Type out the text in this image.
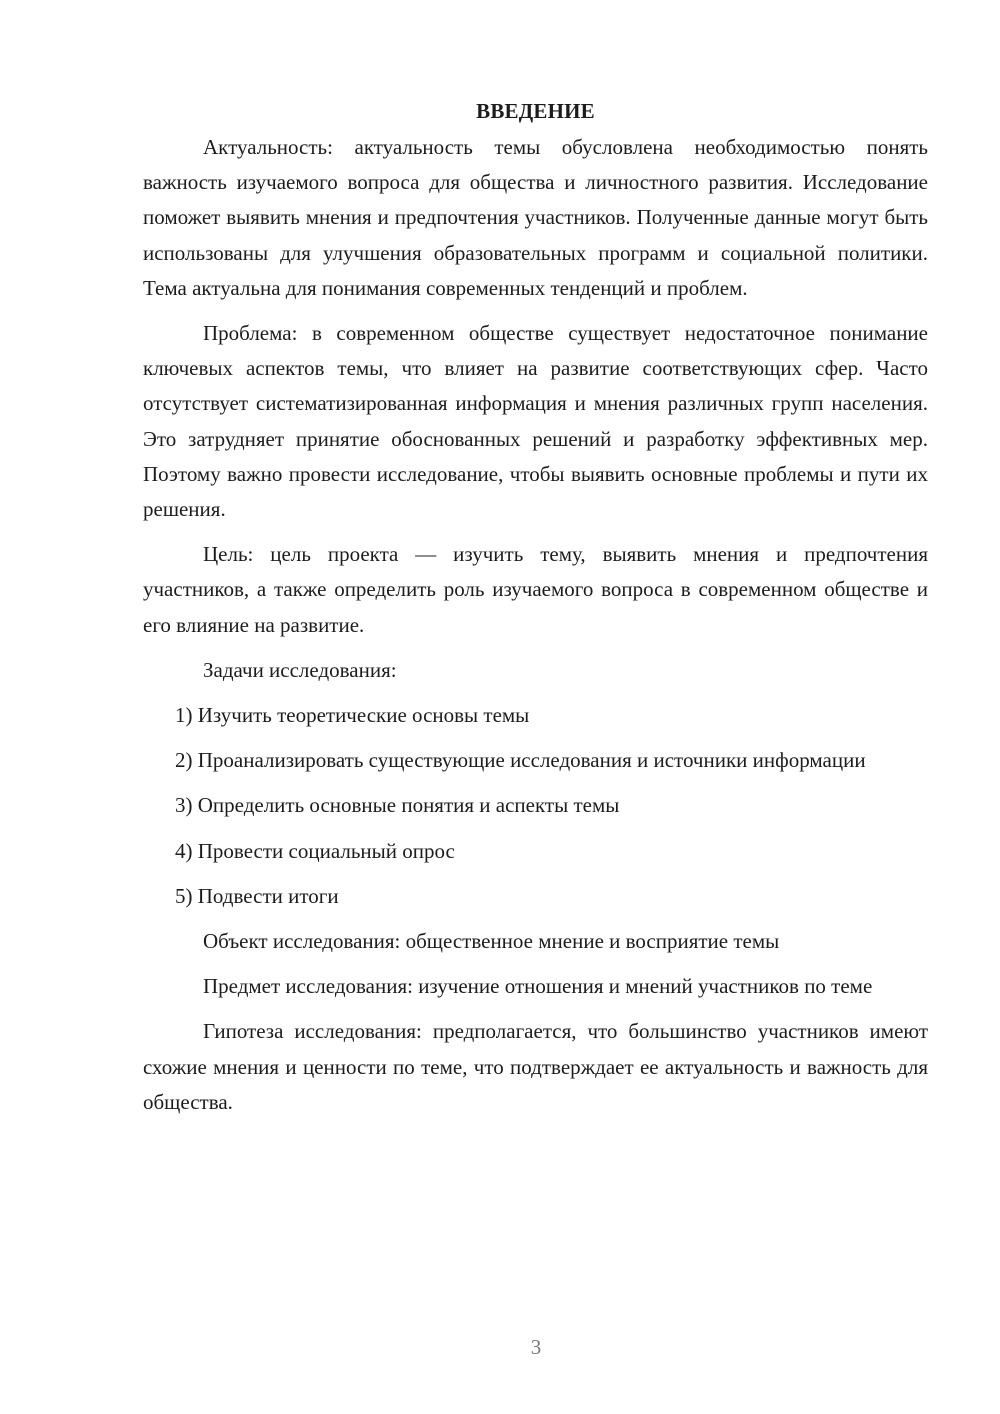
ВВЕДЕНИЕ

Актуальность: актуальность темы обусловлена необходимостью понять важность изучаемого вопроса для общества и личностного развития. Исследование поможет выявить мнения и предпочтения участников. Полученные данные могут быть использованы для улучшения образовательных программ и социальной политики. Тема актуальна для понимания современных тенденций и проблем.

Проблема: в современном обществе существует недостаточное понимание ключевых аспектов темы, что влияет на развитие соответствующих сфер. Часто отсутствует систематизированная информация и мнения различных групп населения. Это затрудняет принятие обоснованных решений и разработку эффективных мер. Поэтому важно провести исследование, чтобы выявить основные проблемы и пути их решения.

Цель: цель проекта — изучить тему, выявить мнения и предпочтения участников, а также определить роль изучаемого вопроса в современном обществе и его влияние на развитие.

Задачи исследования:

1) Изучить теоретические основы темы

2) Проанализировать существующие исследования и источники информации

3) Определить основные понятия и аспекты темы

4) Провести социальный опрос

5) Подвести итоги

Объект исследования: общественное мнение и восприятие темы

Предмет исследования: изучение отношения и мнений участников по теме

Гипотеза исследования: предполагается, что большинство участников имеют схожие мнения и ценности по теме, что подтверждает ее актуальность и важность для общества.

3
